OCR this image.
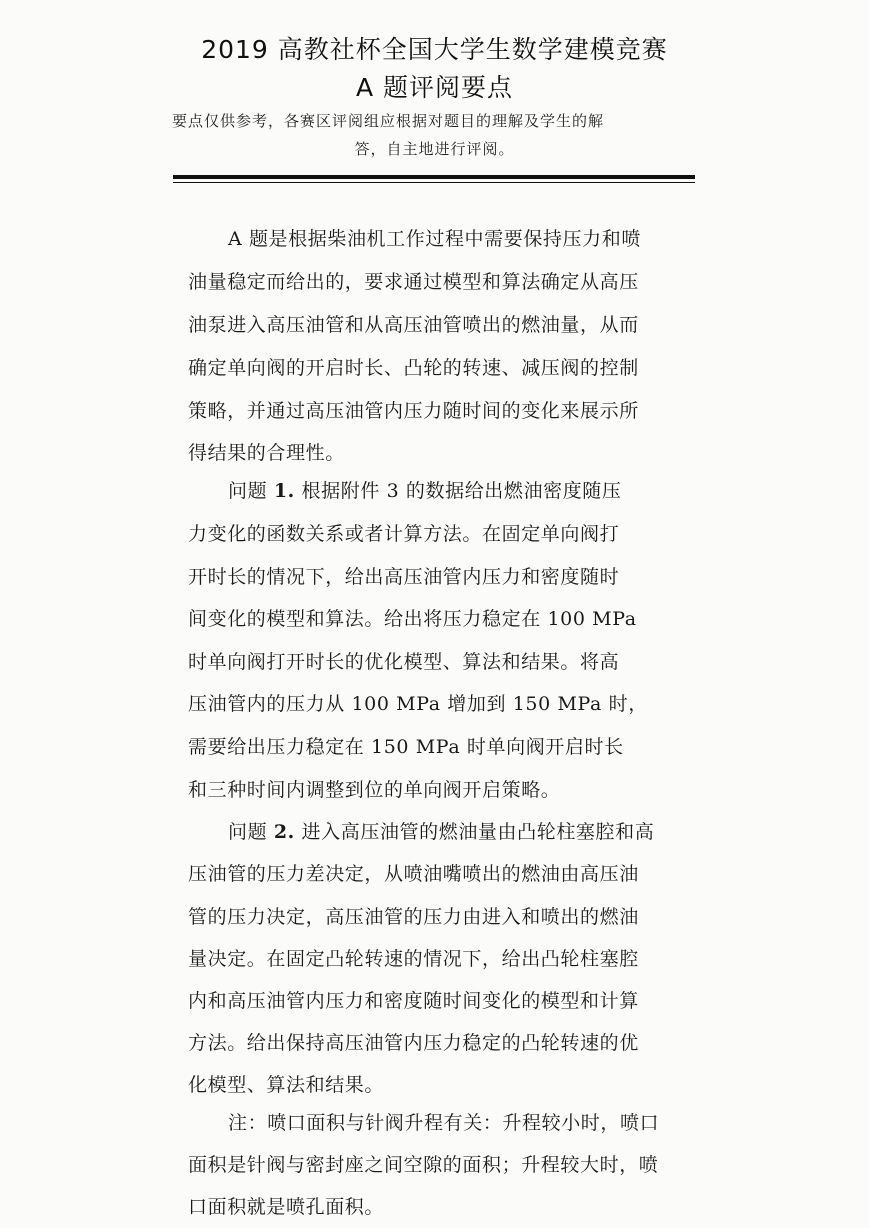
2019 高教社杯全国大学生数学建模竞赛
A 题评阅要点
要点仅供参考，各赛区评阅组应根据对题目的理解及学生的解
答，自主地进行评阅。
A 题是根据柴油机工作过程中需要保持压力和喷
油量稳定而给出的，要求通过模型和算法确定从高压
油泵进入高压油管和从高压油管喷出的燃油量，从而
确定单向阀的开启时长、凸轮的转速、减压阀的控制
策略，并通过高压油管内压力随时间的变化来展示所
得结果的合理性。
问题 1. 根据附件 3 的数据给出燃油密度随压
力变化的函数关系或者计算方法。在固定单向阀打
开时长的情况下，给出高压油管内压力和密度随时
间变化的模型和算法。给出将压力稳定在 100 MPa
时单向阀打开时长的优化模型、算法和结果。将高
压油管内的压力从 100 MPa 增加到 150 MPa 时，
需要给出压力稳定在 150 MPa 时单向阀开启时长
和三种时间内调整到位的单向阀开启策略。
问题 2. 进入高压油管的燃油量由凸轮柱塞腔和高
压油管的压力差决定，从喷油嘴喷出的燃油由高压油
管的压力决定，高压油管的压力由进入和喷出的燃油
量决定。在固定凸轮转速的情况下，给出凸轮柱塞腔
内和高压油管内压力和密度随时间变化的模型和计算
方法。给出保持高压油管内压力稳定的凸轮转速的优
化模型、算法和结果。
注：喷口面积与针阀升程有关：升程较小时，喷口
面积是针阀与密封座之间空隙的面积；升程较大时，喷
口面积就是喷孔面积。
